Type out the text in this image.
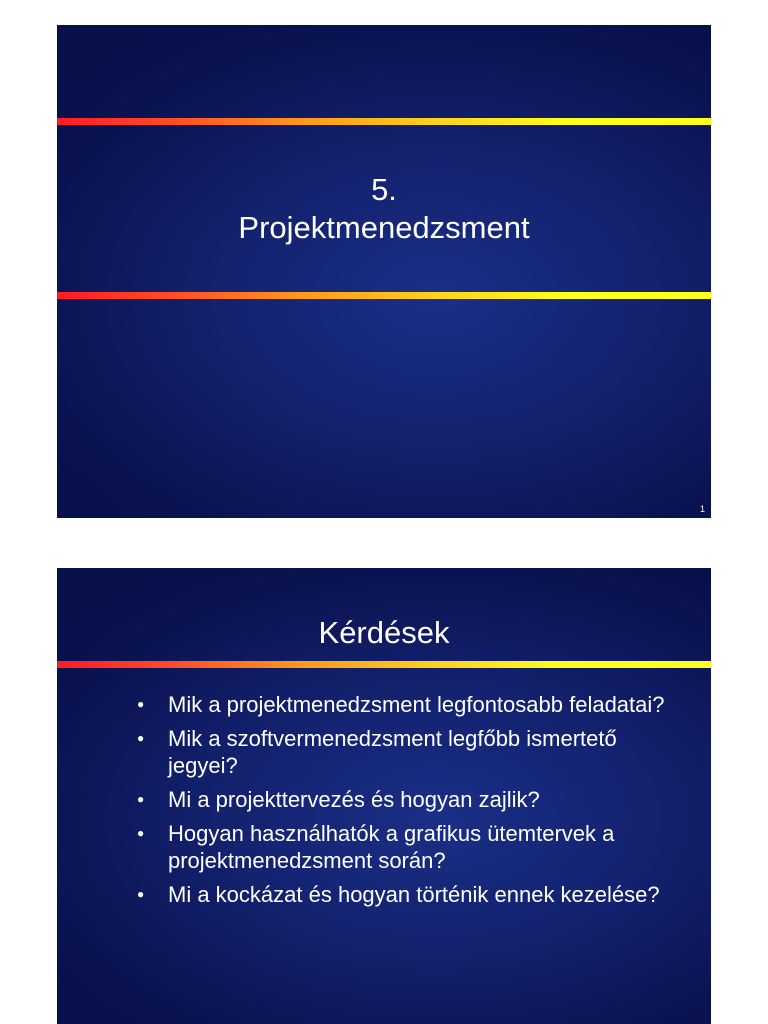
5.
Projektmenedzsment
1
Kérdések
● Mik a projektmenedzsment legfontosabb feladatai?
● Mik a szoftvermenedzsment legfőbb ismertető jegyei?
● Mi a projekttervezés és hogyan zajlik?
● Hogyan használhatók a grafikus ütemtervek a projektmenedzsment során?
● Mi a kockázat és hogyan történik ennek kezelése?
